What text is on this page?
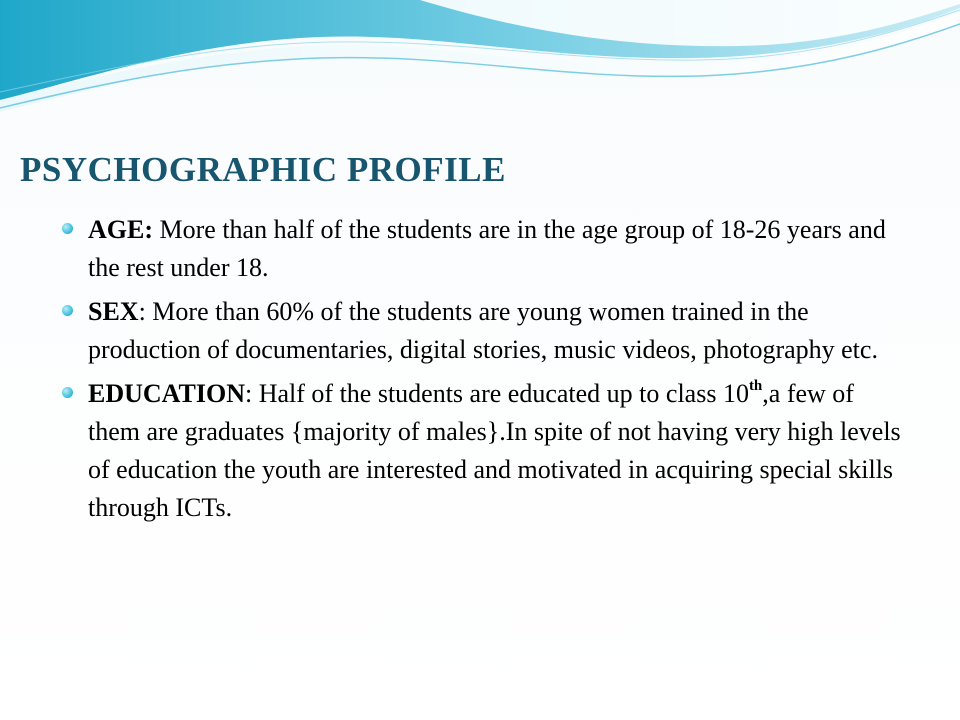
PSYCHOGRAPHIC PROFILE
AGE: More than half of the students are in the age group of 18-26 years and the rest under 18.
SEX: More than 60% of the students are young women trained in the production of documentaries, digital stories, music videos, photography etc.
EDUCATION: Half of the students are educated up to class 10th,a few of them are graduates {majority of males}.In spite of not having very high levels of education the youth are interested and motivated in acquiring special skills through ICTs.
